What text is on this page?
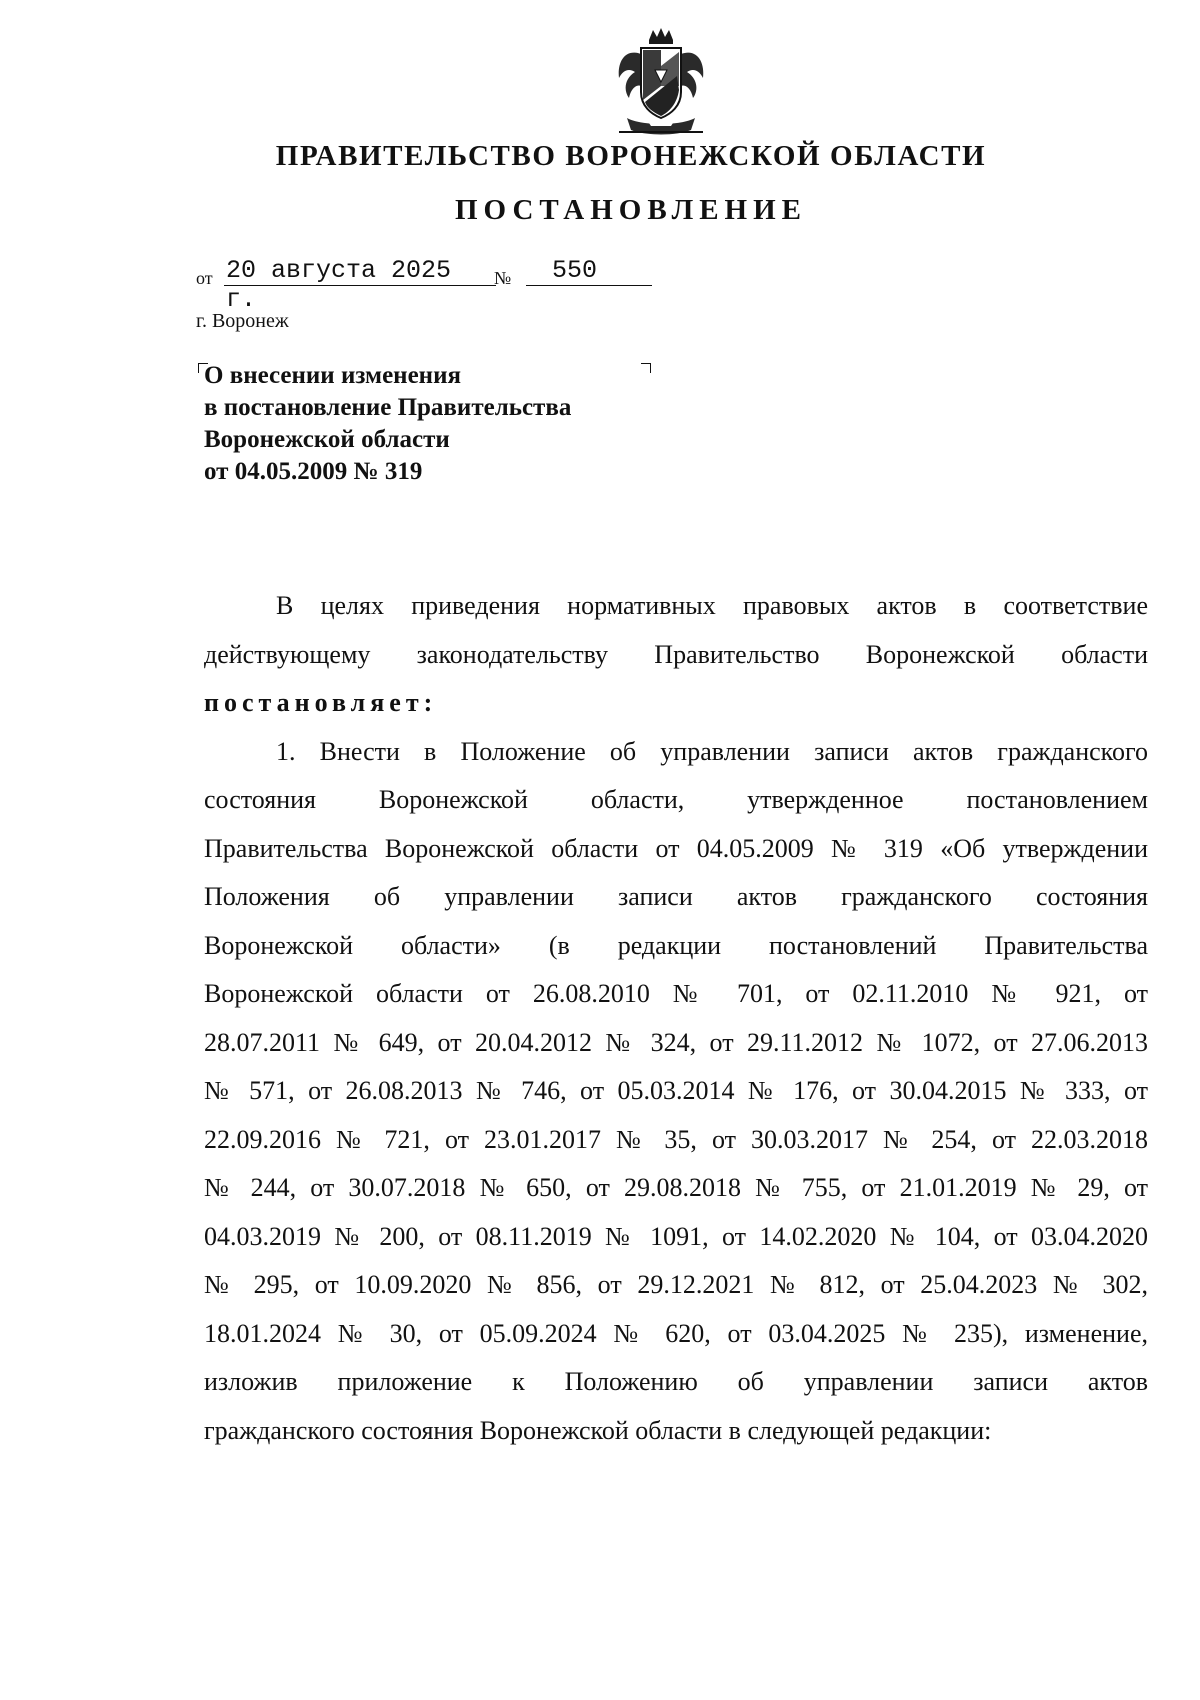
ПРАВИТЕЛЬСТВО ВОРОНЕЖСКОЙ ОБЛАСТИ
ПОСТАНОВЛЕНИЕ
от 20 августа 2025 г.
№	550
г. Воронеж
О внесении изменения
в постановление Правительства
Воронежской области
от 04.05.2009 № 319
В целях приведения нормативных правовых актов в соответствие
действующему законодательству Правительство Воронежской области
постановляет:
1. Внести в Положение об управлении записи актов гражданского
состояния Воронежской области, утвержденное постановлением
Правительства Воронежской области от 04.05.2009 № 319 «Об утверждении
Положения об управлении записи актов гражданского состояния
Воронежской области» (в редакции постановлений Правительства
Воронежской области от 26.08.2010 № 701, от 02.11.2010 № 921, от
28.07.2011 № 649, от 20.04.2012 № 324, от 29.11.2012 № 1072, от 27.06.2013
№ 571, от 26.08.2013 № 746, от 05.03.2014 № 176, от 30.04.2015 № 333, от
22.09.2016 № 721, от 23.01.2017 № 35, от 30.03.2017 № 254, от 22.03.2018
№ 244, от 30.07.2018 № 650, от 29.08.2018 № 755, от 21.01.2019 № 29, от
04.03.2019 № 200, от 08.11.2019 № 1091, от 14.02.2020 № 104, от 03.04.2020
№ 295, от 10.09.2020 № 856, от 29.12.2021 № 812, от 25.04.2023 № 302,
18.01.2024 № 30, от 05.09.2024 № 620, от 03.04.2025 № 235), изменение,
изложив приложение к Положению об управлении записи актов
гражданского состояния Воронежской области в следующей редакции:
